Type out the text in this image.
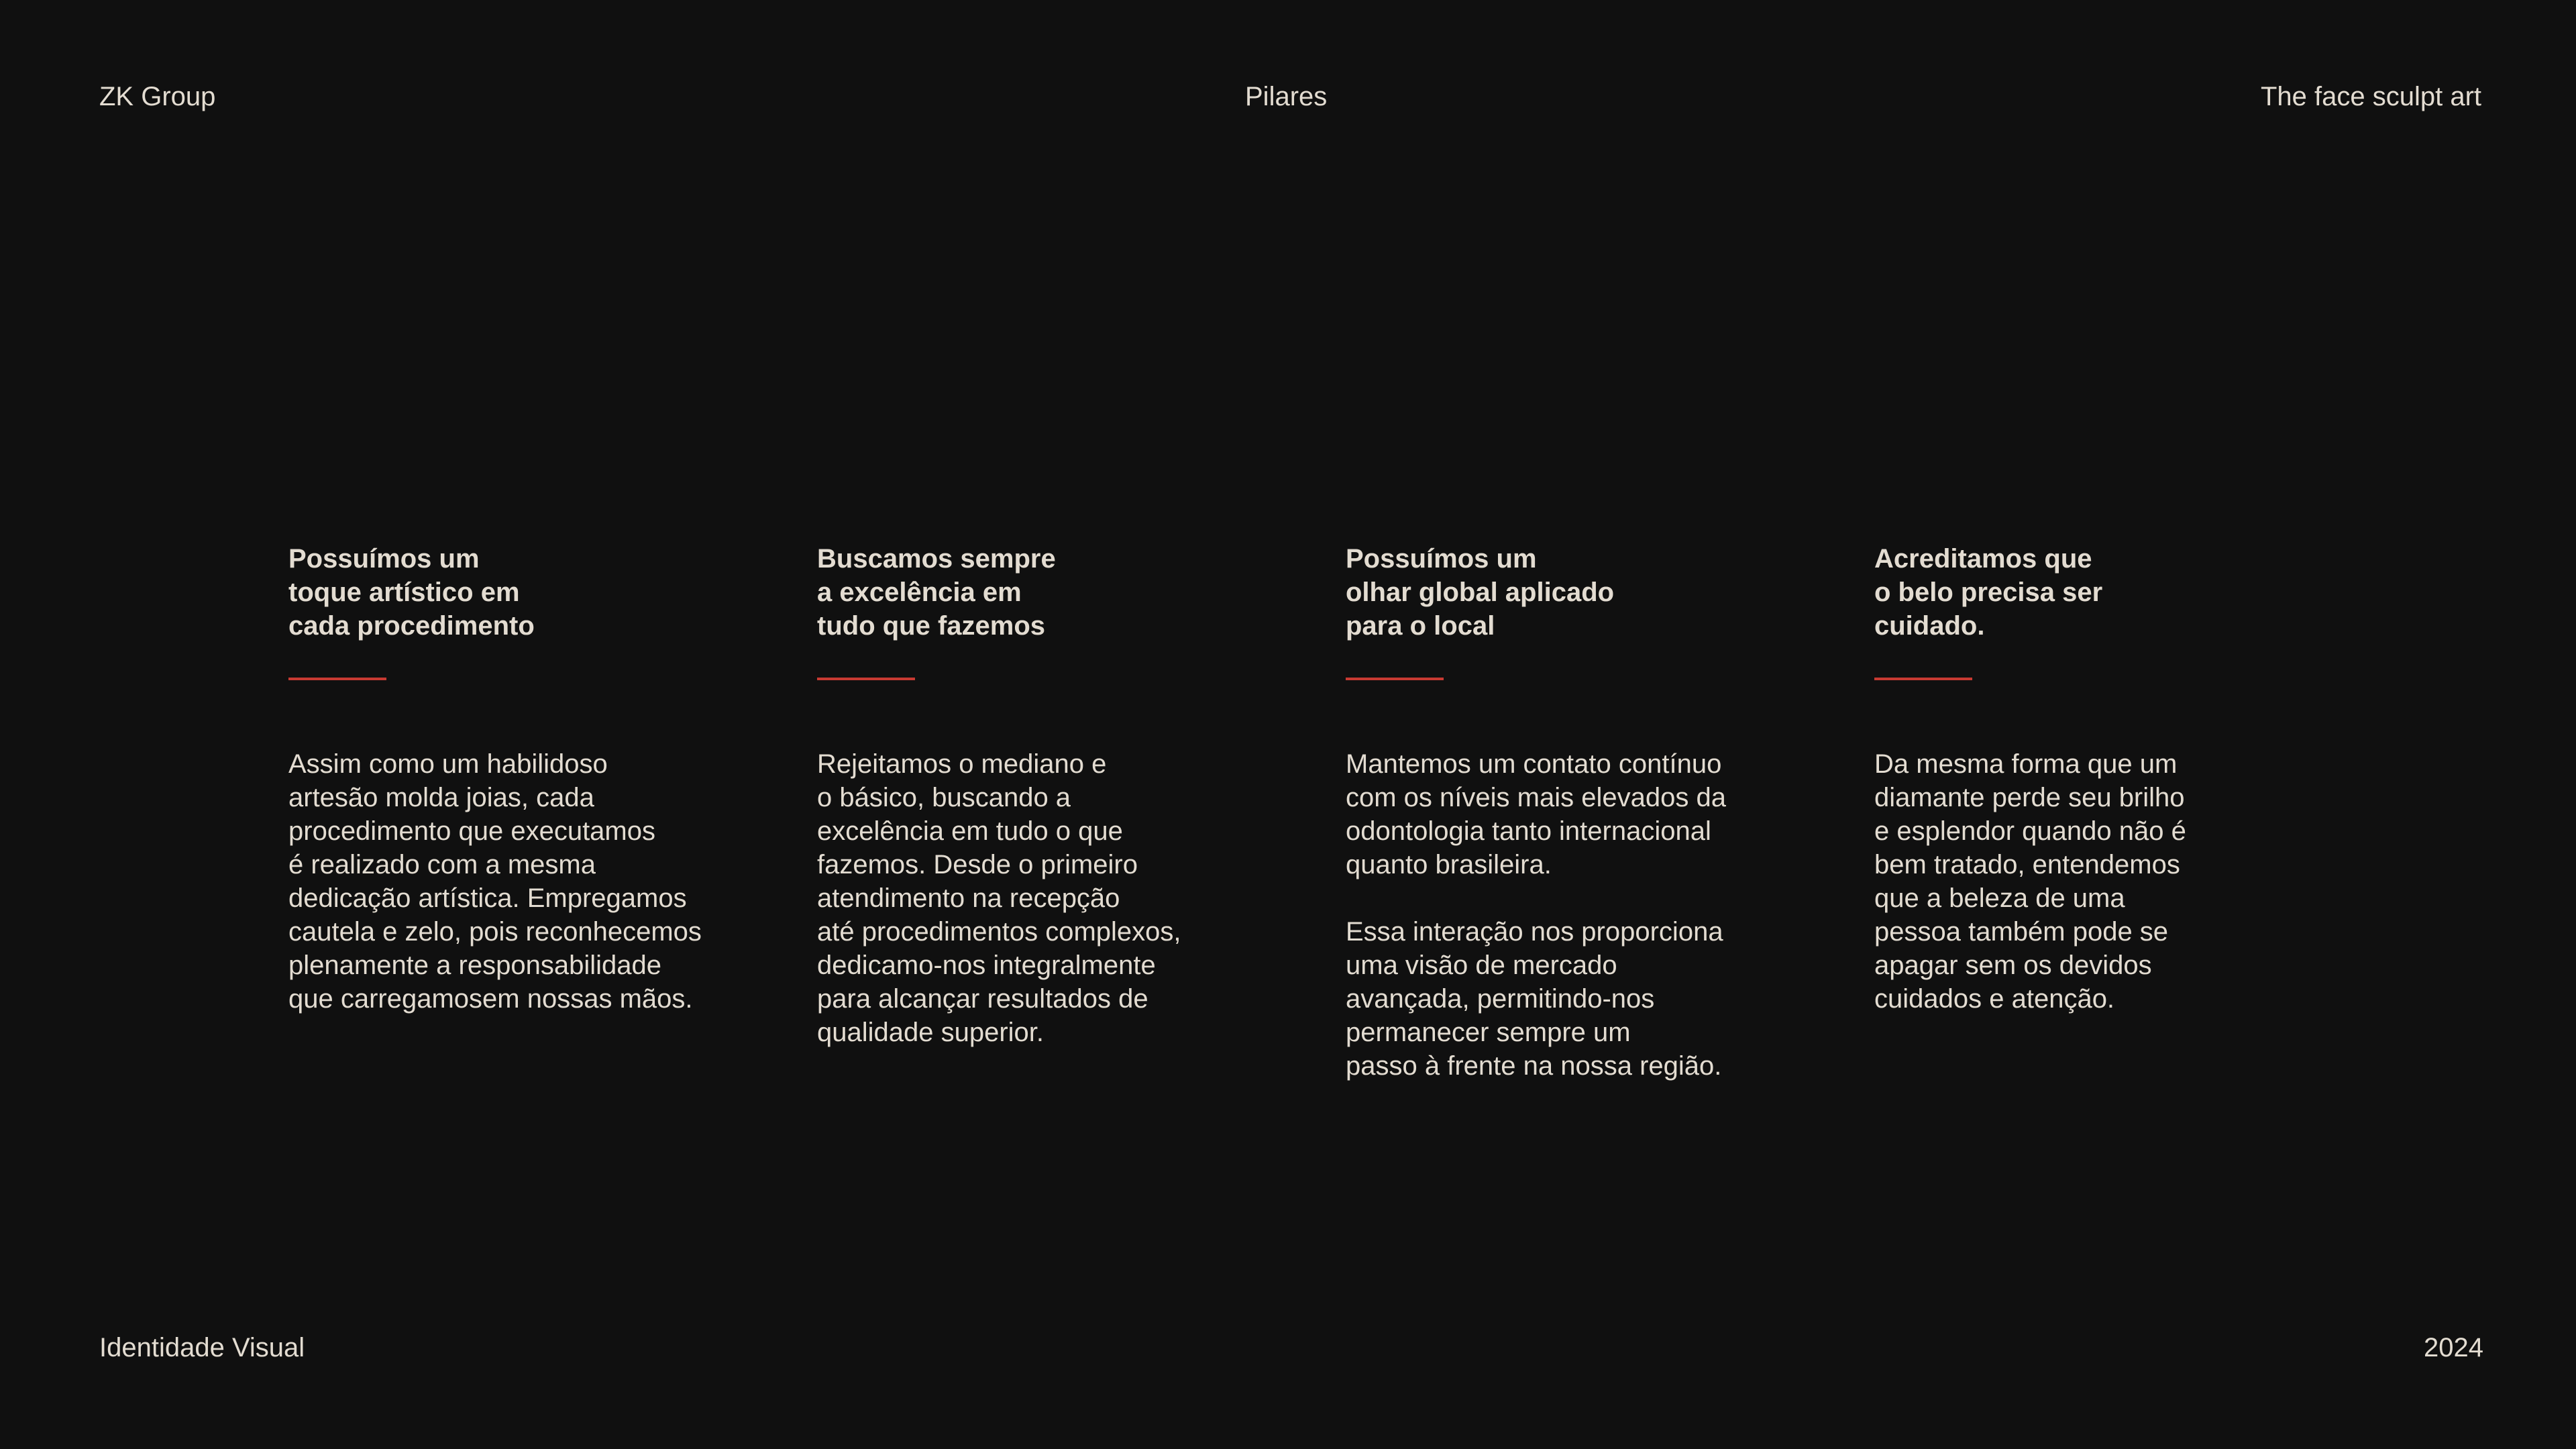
ZK Group	Pilares	The face sculpt art
Possuímos um
toque artístico em
cada procedimento
Assim como um habilidoso
artesão molda joias, cada
procedimento que executamos
é realizado com a mesma
dedicação artística. Empregamos
cautela e zelo, pois reconhecemos
plenamente a responsabilidade
que carregamosem nossas mãos.
Buscamos sempre
a excelência em
tudo que fazemos
Rejeitamos o mediano e
o básico, buscando a
excelência em tudo o que
fazemos. Desde o primeiro
atendimento na recepção
até procedimentos complexos,
dedicamo-nos integralmente
para alcançar resultados de
qualidade superior.
Possuímos um
olhar global aplicado
para o local
Mantemos um contato contínuo
com os níveis mais elevados da
odontologia tanto internacional
quanto brasileira.

Essa interação nos proporciona
uma visão de mercado
avançada, permitindo-nos
permanecer sempre um
passo à frente na nossa região.
Acreditamos que
o belo precisa ser
cuidado.
Da mesma forma que um
diamante perde seu brilho
e esplendor quando não é
bem tratado, entendemos
que a beleza de uma
pessoa também pode se
apagar sem os devidos
cuidados e atenção.
Identidade Visual	2024
